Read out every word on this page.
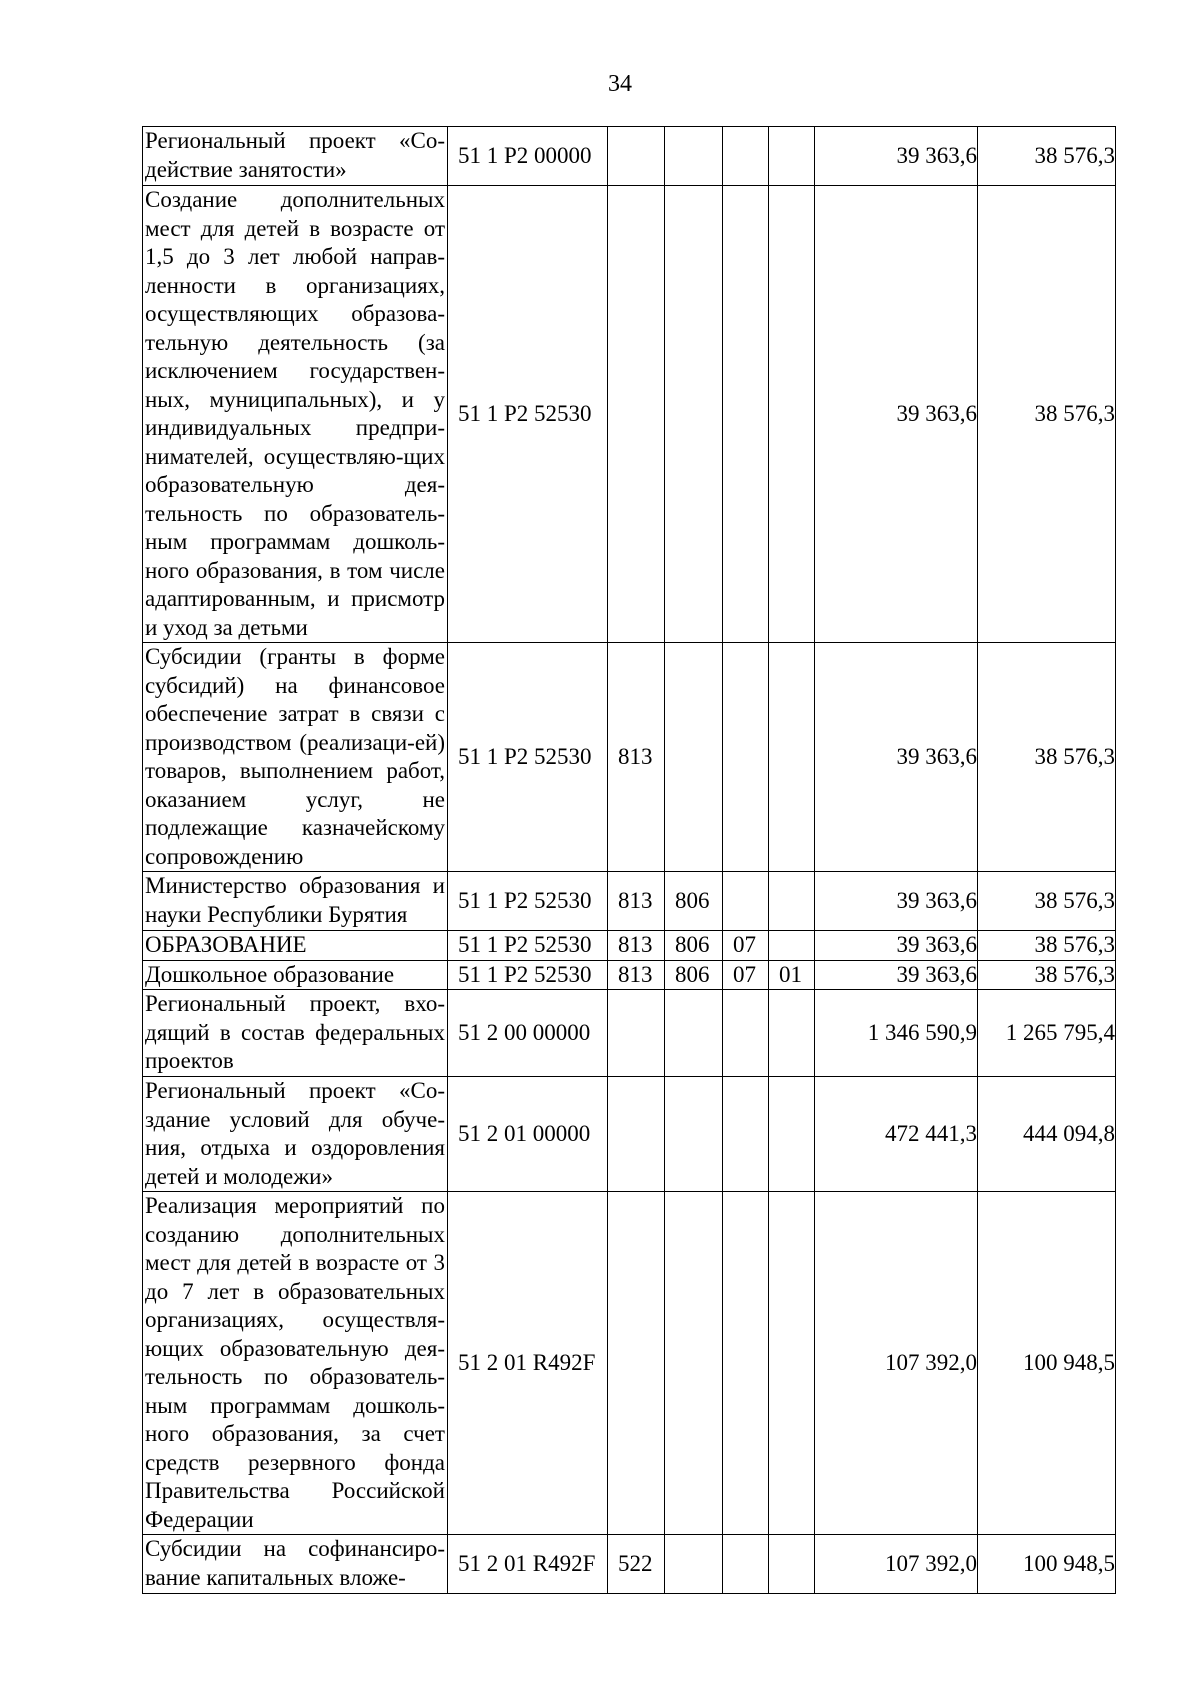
34
Региональный проект «Со-действие занятости»	51 1 P2 00000					39 363,6	38 576,3
Создание дополнительных мест для детей в возрасте от 1,5 до 3 лет любой направ-ленности в организациях, осуществляющих образова-тельную деятельность (за исключением государствен-ных, муниципальных), и у индивидуальных предпри-нимателей, осуществляю-щих образовательную дея-тельность по образователь-ным программам дошколь-ного образования, в том числе адаптированным, и присмотр и уход за детьми	51 1 P2 52530					39 363,6	38 576,3
Субсидии (гранты в форме субсидий) на финансовое обеспечение затрат в связи с производством (реализаци-ей) товаров, выполнением работ, оказанием услуг, не подлежащие казначейскому сопровождению	51 1 P2 52530	813				39 363,6	38 576,3
Министерство образования и науки Республики Бурятия	51 1 P2 52530	813	806			39 363,6	38 576,3
ОБРАЗОВАНИЕ	51 1 P2 52530	813	806	07		39 363,6	38 576,3
Дошкольное образование	51 1 P2 52530	813	806	07	01	39 363,6	38 576,3
Региональный проект, вхо-дящий в состав федеральных проектов	51 2 00 00000					1 346 590,9	1 265 795,4
Региональный проект «Со-здание условий для обуче-ния, отдыха и оздоровления детей и молодежи»	51 2 01 00000					472 441,3	444 094,8
Реализация мероприятий по созданию дополнительных мест для детей в возрасте от 3 до 7 лет в образовательных организациях, осуществля-ющих образовательную дея-тельность по образователь-ным программам дошколь-ного образования, за счет средств резервного фонда Правительства Российской Федерации	51 2 01 R492F					107 392,0	100 948,5
Субсидии на софинансиро-вание капитальных вложе-	51 2 01 R492F	522				107 392,0	100 948,5
